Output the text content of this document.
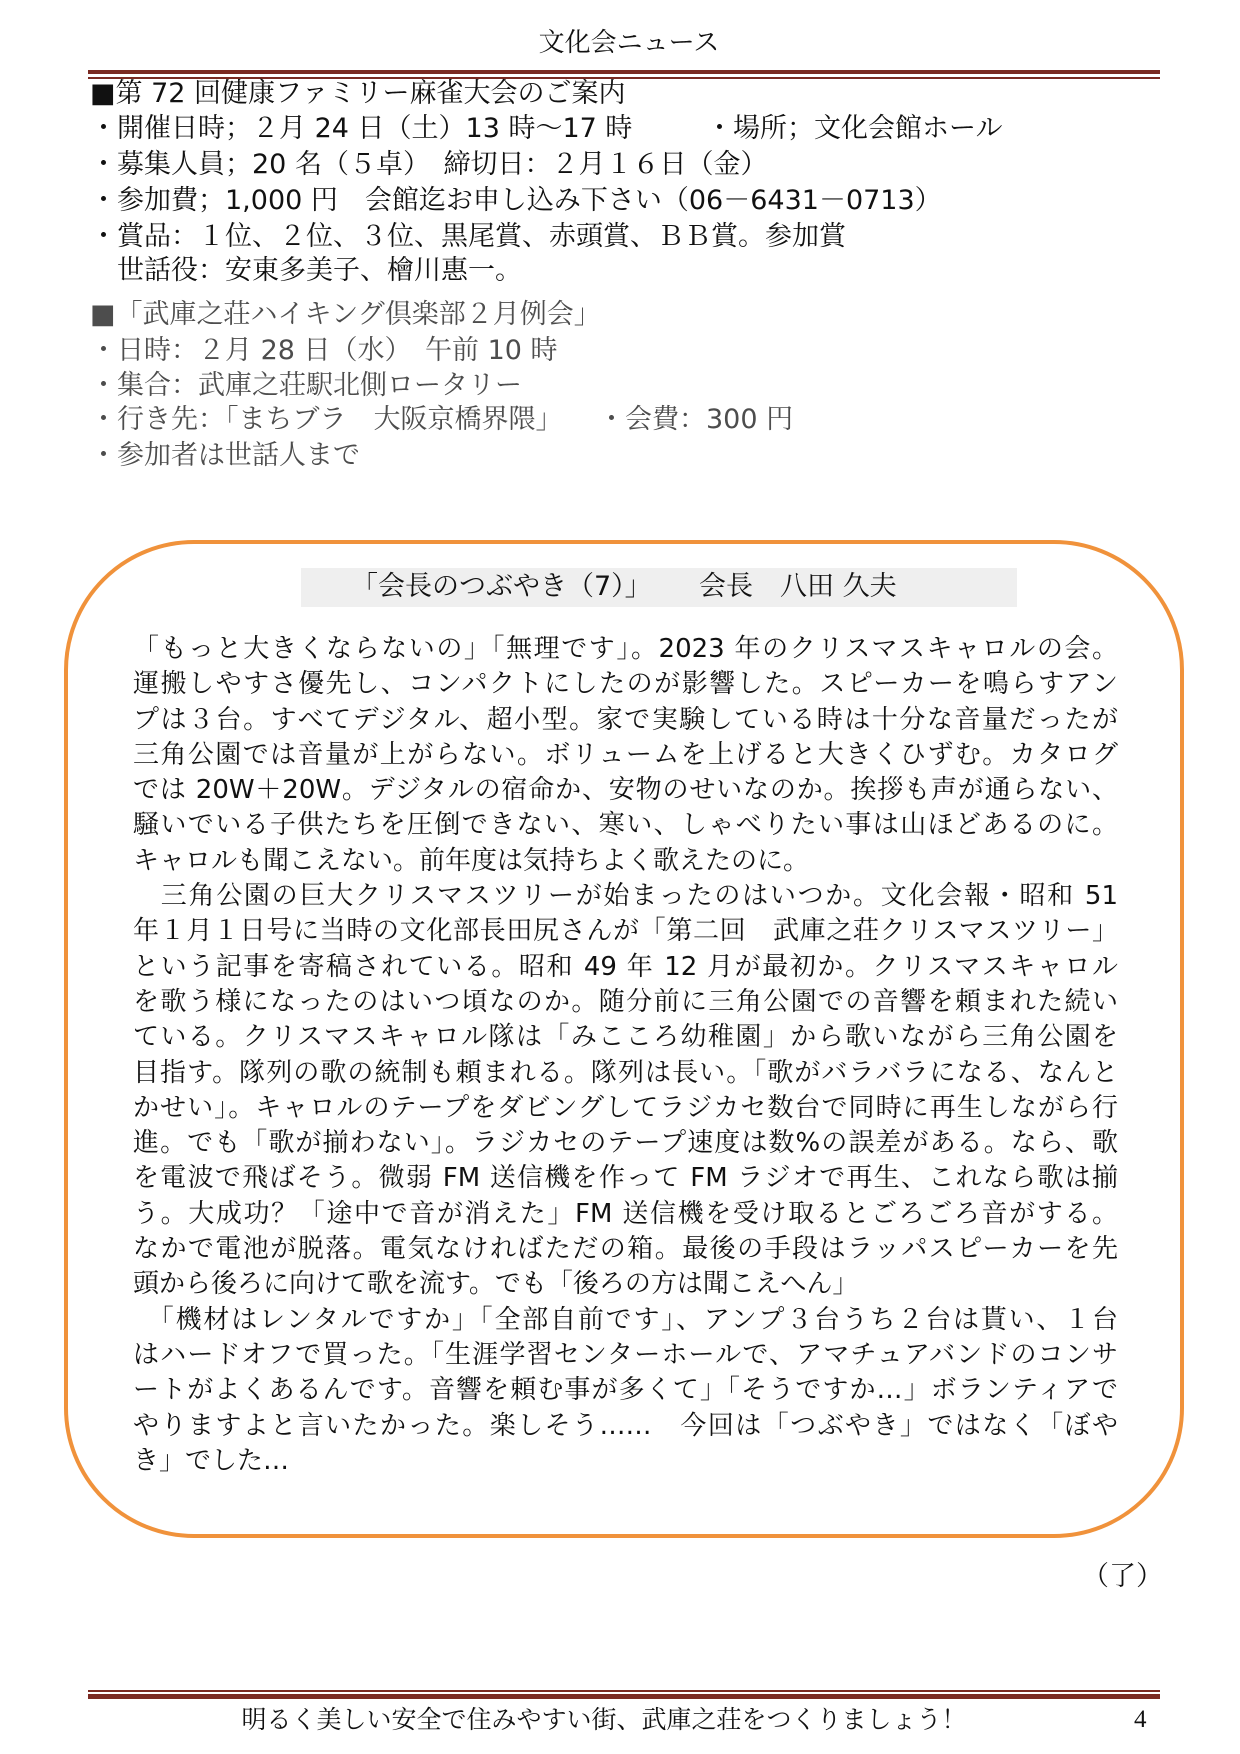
文化会ニュース
■第 72 回健康ファミリー麻雀大会のご案内
・開催日時；２月 24 日（土）13 時～17 時	・場所；文化会館ホール
・募集人員；20 名（５卓）　締切日：２月１６日（金）
・参加費；1,000 円　会館迄お申し込み下さい（06－6431－0713）
・賞品：１位、２位、３位、黒尾賞、赤頭賞、ＢＢ賞。参加賞
　世話役：安東多美子、檜川惠一。
■「武庫之荘ハイキング倶楽部２月例会」
・日時：２月 28 日（水）　午前 10 時
・集合：武庫之荘駅北側ロータリー
・行き先：「まちブラ　大阪京橋界隈」 ・会費：300 円
・参加者は世話人まで
「会長のつぶやき（7）」 会長　八田 久夫
「もっと大きくならないの」「無理です」。2023 年のクリスマスキャロルの会。
運搬しやすさ優先し、コンパクトにしたのが影響した。スピーカーを鳴らすアン
プは３台。すべてデジタル、超小型。家で実験している時は十分な音量だったが
三角公園では音量が上がらない。ボリュームを上げると大きくひずむ。カタログ
では 20W＋20W。デジタルの宿命か、安物のせいなのか。挨拶も声が通らない、
騒いでいる子供たちを圧倒できない、寒い、しゃべりたい事は山ほどあるのに。
キャロルも聞こえない。前年度は気持ちよく歌えたのに。
　三角公園の巨大クリスマスツリーが始まったのはいつか。文化会報・昭和 51
年１月１日号に当時の文化部長田尻さんが「第二回　武庫之荘クリスマスツリー」
という記事を寄稿されている。昭和 49 年 12 月が最初か。クリスマスキャロル
を歌う様になったのはいつ頃なのか。随分前に三角公園での音響を頼まれた続い
ている。クリスマスキャロル隊は「みこころ幼稚園」から歌いながら三角公園を
目指す。隊列の歌の統制も頼まれる。隊列は長い。「歌がバラバラになる、なんと
かせい」。キャロルのテープをダビングしてラジカセ数台で同時に再生しながら行
進。でも「歌が揃わない」。ラジカセのテープ速度は数%の誤差がある。なら、歌
を電波で飛ばそう。微弱 FM 送信機を作って FM ラジオで再生、これなら歌は揃
う。大成功？「途中で音が消えた」FM 送信機を受け取るとごろごろ音がする。
なかで電池が脱落。電気なければただの箱。最後の手段はラッパスピーカーを先
頭から後ろに向けて歌を流す。でも「後ろの方は聞こえへん」
　「機材はレンタルですか」「全部自前です」、アンプ３台うち２台は貰い、１台
はハードオフで買った。「生涯学習センターホールで、アマチュアバンドのコンサ
ートがよくあるんです。音響を頼む事が多くて」「そうですか…」ボランティアで
やりますよと言いたかった。楽しそう……　今回は「つぶやき」ではなく「ぼや
き」でした…
（了）
明るく美しい安全で住みやすい街、武庫之荘をつくりましょう！	4
